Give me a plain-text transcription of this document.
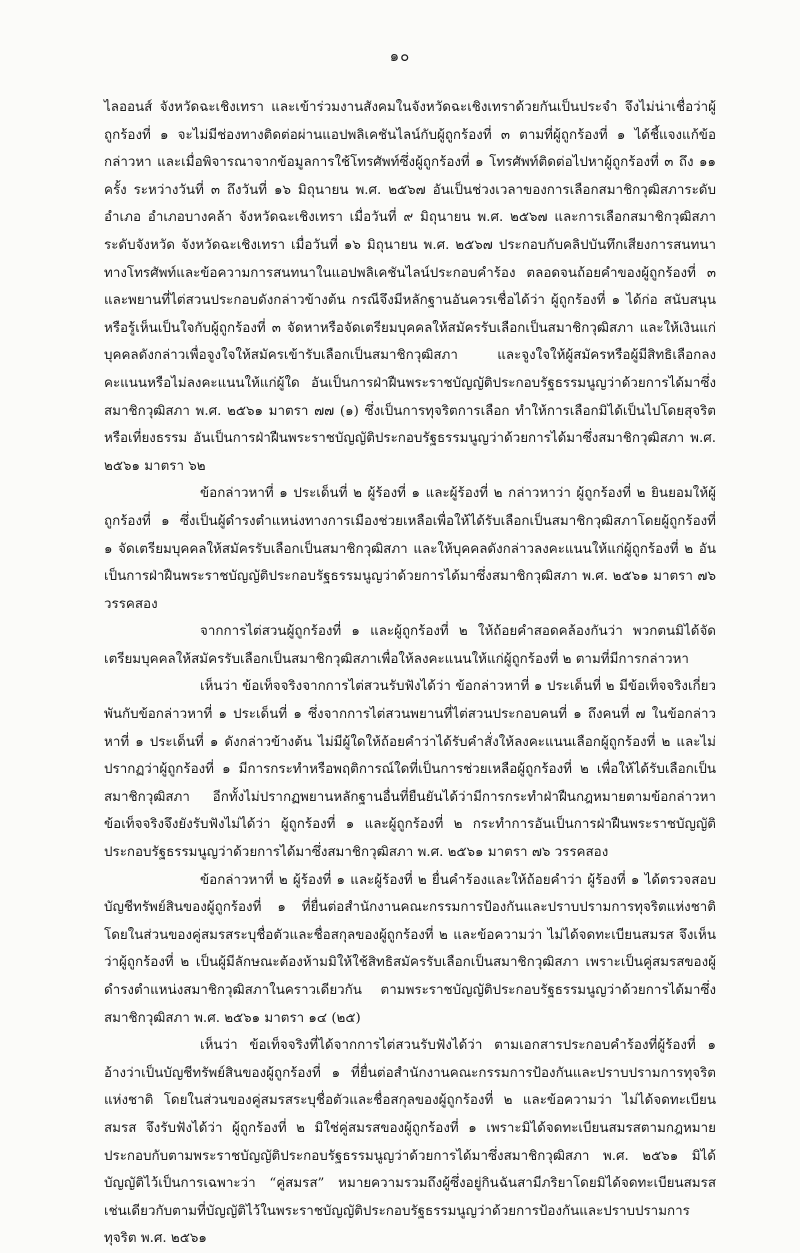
๑๐

ไลออนส์ จังหวัดฉะเชิงเทรา และเข้าร่วมงานสังคมในจังหวัดฉะเชิงเทราด้วยกันเป็นประจำ จึงไม่น่าเชื่อว่าผู้ถูกร้องที่ ๑ จะไม่มีช่องทางติดต่อผ่านแอปพลิเคชันไลน์กับผู้ถูกร้องที่ ๓ ตามที่ผู้ถูกร้องที่ ๑ ได้ชี้แจงแก้ข้อกล่าวหา และเมื่อพิจารณาจากข้อมูลการใช้โทรศัพท์ซึ่งผู้ถูกร้องที่ ๑ โทรศัพท์ติดต่อไปหาผู้ถูกร้องที่ ๓ ถึง ๑๑ ครั้ง ระหว่างวันที่ ๓ ถึงวันที่ ๑๖ มิถุนายน พ.ศ. ๒๕๖๗ อันเป็นช่วงเวลาของการเลือกสมาชิกวุฒิสภาระดับอำเภอ อำเภอบางคล้า จังหวัดฉะเชิงเทรา เมื่อวันที่ ๙ มิถุนายน พ.ศ. ๒๕๖๗ และการเลือกสมาชิกวุฒิสภาระดับจังหวัด จังหวัดฉะเชิงเทรา เมื่อวันที่ ๑๖ มิถุนายน พ.ศ. ๒๕๖๗ ประกอบกับคลิปบันทึกเสียงการสนทนาทางโทรศัพท์และข้อความการสนทนาในแอปพลิเคชันไลน์ประกอบคำร้อง ตลอดจนถ้อยคำของผู้ถูกร้องที่ ๓ และพยานที่ไต่สวนประกอบดังกล่าวข้างต้น กรณีจึงมีหลักฐานอันควรเชื่อได้ว่า ผู้ถูกร้องที่ ๑ ได้ก่อ สนับสนุน หรือรู้เห็นเป็นใจกับผู้ถูกร้องที่ ๓ จัดหาหรือจัดเตรียมบุคคลให้สมัครรับเลือกเป็นสมาชิกวุฒิสภา และให้เงินแก่บุคคลดังกล่าวเพื่อจูงใจให้สมัครเข้ารับเลือกเป็นสมาชิกวุฒิสภา และจูงใจให้ผู้สมัครหรือผู้มีสิทธิเลือกลงคะแนนหรือไม่ลงคะแนนให้แก่ผู้ใด อันเป็นการฝ่าฝืนพระราชบัญญัติประกอบรัฐธรรมนูญว่าด้วยการได้มาซึ่งสมาชิกวุฒิสภา พ.ศ. ๒๕๖๑ มาตรา ๗๗ (๑) ซึ่งเป็นการทุจริตการเลือก ทำให้การเลือกมิได้เป็นไปโดยสุจริตหรือเที่ยงธรรม อันเป็นการฝ่าฝืนพระราชบัญญัติประกอบรัฐธรรมนูญว่าด้วยการได้มาซึ่งสมาชิกวุฒิสภา พ.ศ. ๒๕๖๑ มาตรา ๖๒

ข้อกล่าวหาที่ ๑ ประเด็นที่ ๒ ผู้ร้องที่ ๑ และผู้ร้องที่ ๒ กล่าวหาว่า ผู้ถูกร้องที่ ๒ ยินยอมให้ผู้ถูกร้องที่ ๑ ซึ่งเป็นผู้ดำรงตำแหน่งทางการเมืองช่วยเหลือเพื่อให้ได้รับเลือกเป็นสมาชิกวุฒิสภาโดยผู้ถูกร้องที่ ๑ จัดเตรียมบุคคลให้สมัครรับเลือกเป็นสมาชิกวุฒิสภา และให้บุคคลดังกล่าวลงคะแนนให้แก่ผู้ถูกร้องที่ ๒ อันเป็นการฝ่าฝืนพระราชบัญญัติประกอบรัฐธรรมนูญว่าด้วยการได้มาซึ่งสมาชิกวุฒิสภา พ.ศ. ๒๕๖๑ มาตรา ๗๖ วรรคสอง

จากการไต่สวนผู้ถูกร้องที่ ๑ และผู้ถูกร้องที่ ๒ ให้ถ้อยคำสอดคล้องกันว่า พวกตนมิได้จัดเตรียมบุคคลให้สมัครรับเลือกเป็นสมาชิกวุฒิสภาเพื่อให้ลงคะแนนให้แก่ผู้ถูกร้องที่ ๒ ตามที่มีการกล่าวหา

เห็นว่า ข้อเท็จจริงจากการไต่สวนรับฟังได้ว่า ข้อกล่าวหาที่ ๑ ประเด็นที่ ๒ มีข้อเท็จจริงเกี่ยวพันกับข้อกล่าวหาที่ ๑ ประเด็นที่ ๑ ซึ่งจากการไต่สวนพยานที่ไต่สวนประกอบคนที่ ๑ ถึงคนที่ ๗ ในข้อกล่าวหาที่ ๑ ประเด็นที่ ๑ ดังกล่าวข้างต้น ไม่มีผู้ใดให้ถ้อยคำว่าได้รับคำสั่งให้ลงคะแนนเลือกผู้ถูกร้องที่ ๒ และไม่ปรากฏว่าผู้ถูกร้องที่ ๑ มีการกระทำหรือพฤติการณ์ใดที่เป็นการช่วยเหลือผู้ถูกร้องที่ ๒ เพื่อให้ได้รับเลือกเป็นสมาชิกวุฒิสภา อีกทั้งไม่ปรากฏพยานหลักฐานอื่นที่ยืนยันได้ว่ามีการกระทำฝ่าฝืนกฎหมายตามข้อกล่าวหา ข้อเท็จจริงจึงยังรับฟังไม่ได้ว่า ผู้ถูกร้องที่ ๑ และผู้ถูกร้องที่ ๒ กระทำการอันเป็นการฝ่าฝืนพระราชบัญญัติประกอบรัฐธรรมนูญว่าด้วยการได้มาซึ่งสมาชิกวุฒิสภา พ.ศ. ๒๕๖๑ มาตรา ๗๖ วรรคสอง

ข้อกล่าวหาที่ ๒ ผู้ร้องที่ ๑ และผู้ร้องที่ ๒ ยื่นคำร้องและให้ถ้อยคำว่า ผู้ร้องที่ ๑ ได้ตรวจสอบบัญชีทรัพย์สินของผู้ถูกร้องที่ ๑ ที่ยื่นต่อสำนักงานคณะกรรมการป้องกันและปราบปรามการทุจริตแห่งชาติ โดยในส่วนของคู่สมรสระบุชื่อตัวและชื่อสกุลของผู้ถูกร้องที่ ๒ และข้อความว่า ไม่ได้จดทะเบียนสมรส จึงเห็นว่าผู้ถูกร้องที่ ๒ เป็นผู้มีลักษณะต้องห้ามมิให้ใช้สิทธิสมัครรับเลือกเป็นสมาชิกวุฒิสภา เพราะเป็นคู่สมรสของผู้ดำรงตำแหน่งสมาชิกวุฒิสภาในคราวเดียวกัน ตามพระราชบัญญัติประกอบรัฐธรรมนูญว่าด้วยการได้มาซึ่งสมาชิกวุฒิสภา พ.ศ. ๒๕๖๑ มาตรา ๑๔ (๒๕)

เห็นว่า ข้อเท็จจริงที่ได้จากการไต่สวนรับฟังได้ว่า ตามเอกสารประกอบคำร้องที่ผู้ร้องที่ ๑ อ้างว่าเป็นบัญชีทรัพย์สินของผู้ถูกร้องที่ ๑ ที่ยื่นต่อสำนักงานคณะกรรมการป้องกันและปราบปรามการทุจริตแห่งชาติ โดยในส่วนของคู่สมรสระบุชื่อตัวและชื่อสกุลของผู้ถูกร้องที่ ๒ และข้อความว่า ไม่ได้จดทะเบียนสมรส จึงรับฟังได้ว่า ผู้ถูกร้องที่ ๒ มิใช่คู่สมรสของผู้ถูกร้องที่ ๑ เพราะมิได้จดทะเบียนสมรสตามกฎหมาย ประกอบกับตามพระราชบัญญัติประกอบรัฐธรรมนูญว่าด้วยการได้มาซึ่งสมาชิกวุฒิสภา พ.ศ. ๒๕๖๑ มิได้บัญญัติไว้เป็นการเฉพาะว่า “คู่สมรส” หมายความรวมถึงผู้ซึ่งอยู่กินฉันสามีภริยาโดยมิได้จดทะเบียนสมรสเช่นเดียวกับตามที่บัญญัติไว้ในพระราชบัญญัติประกอบรัฐธรรมนูญว่าด้วยการป้องกันและปราบปรามการทุจริต พ.ศ. ๒๕๖๑
